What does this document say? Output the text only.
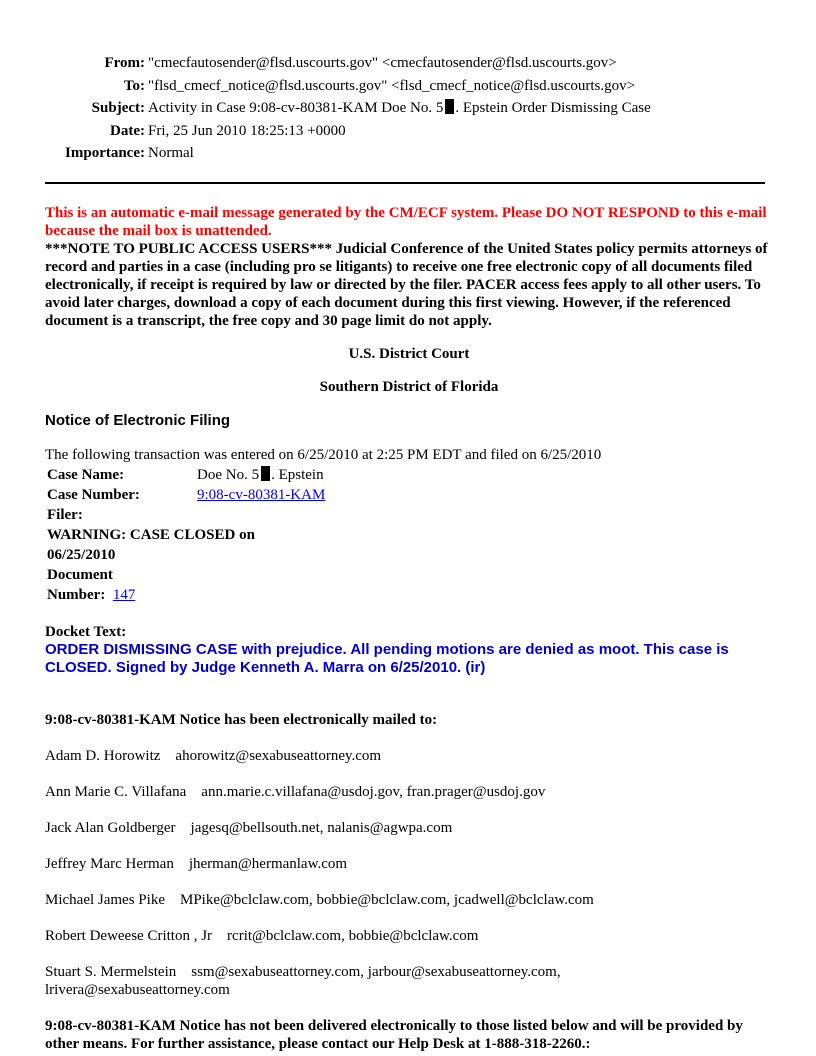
From: "cmecfautosender@flsd.uscourts.gov" <cmecfautosender@flsd.uscourts.gov>
To: "flsd_cmecf_notice@flsd.uscourts.gov" <flsd_cmecf_notice@flsd.uscourts.gov>
Subject: Activity in Case 9:08-cv-80381-KAM Doe No. 5 . Epstein Order Dismissing Case
Date: Fri, 25 Jun 2010 18:25:13 +0000
Importance: Normal

This is an automatic e-mail message generated by the CM/ECF system. Please DO NOT RESPOND to this e-mail because the mail box is unattended.

***NOTE TO PUBLIC ACCESS USERS*** Judicial Conference of the United States policy permits attorneys of record and parties in a case (including pro se litigants) to receive one free electronic copy of all documents filed electronically, if receipt is required by law or directed by the filer. PACER access fees apply to all other users. To avoid later charges, download a copy of each document during this first viewing. However, if the referenced document is a transcript, the free copy and 30 page limit do not apply.

U.S. District Court

Southern District of Florida

Notice of Electronic Filing

The following transaction was entered on 6/25/2010 at 2:25 PM EDT and filed on 6/25/2010

Case Name:	Doe No. 5 . Epstein
Case Number:	9:08-cv-80381-KAM
Filer:	
WARNING: CASE CLOSED on 06/25/2010	
Document Number: 147	

Docket Text:

ORDER DISMISSING CASE with prejudice. All pending motions are denied as moot. This case is CLOSED. Signed by Judge Kenneth A. Marra on 6/25/2010. (ir)

9:08-cv-80381-KAM Notice has been electronically mailed to:

Adam D. Horowitz ahorowitz@sexabuseattorney.com

Ann Marie C. Villafana ann.marie.c.villafana@usdoj.gov, fran.prager@usdoj.gov

Jack Alan Goldberger jagesq@bellsouth.net, nalanis@agwpa.com

Jeffrey Marc Herman jherman@hermanlaw.com

Michael James Pike MPike@bclclaw.com, bobbie@bclclaw.com, jcadwell@bclclaw.com

Robert Deweese Critton , Jr rcrit@bclclaw.com, bobbie@bclclaw.com

Stuart S. Mermelstein ssm@sexabuseattorney.com, jarbour@sexabuseattorney.com,
lrivera@sexabuseattorney.com

9:08-cv-80381-KAM Notice has not been delivered electronically to those listed below and will be provided by other means. For further assistance, please contact our Help Desk at 1-888-318-2260.:
